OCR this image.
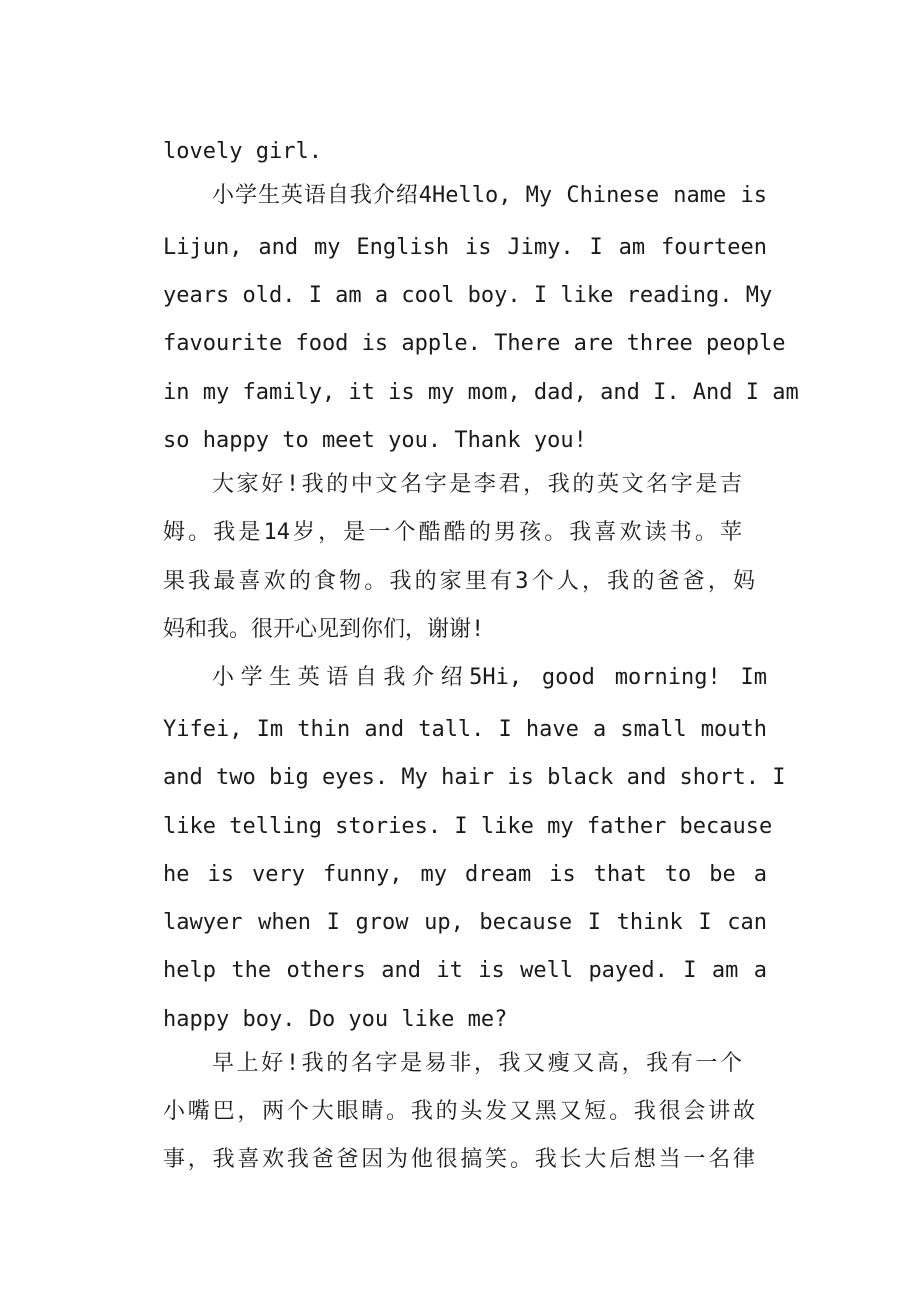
lovely girl.
小学生英语自我介绍4Hello, My Chinese name is
Lijun, and my English is Jimy. I am fourteen
years old. I am a cool boy. I like reading. My
favourite food is apple. There are three people
in my family, it is my mom, dad, and I. And I am
so happy to meet you. Thank you!
大家好!我的中文名字是李君，我的英文名字是吉
姆。我是14岁，是一个酷酷的男孩。我喜欢读书。苹
果我最喜欢的食物。我的家里有3个人，我的爸爸，妈
妈和我。很开心见到你们，谢谢!
小学生英语自我介绍5Hi, good morning! Im
Yifei, Im thin and tall. I have a small mouth
and two big eyes. My hair is black and short. I
like telling stories. I like my father because
he is very funny, my dream is that to be a
lawyer when I grow up, because I think I can
help the others and it is well payed. I am a
happy boy. Do you like me?
早上好!我的名字是易非，我又瘦又高，我有一个
小嘴巴，两个大眼睛。我的头发又黑又短。我很会讲故
事，我喜欢我爸爸因为他很搞笑。我长大后想当一名律
